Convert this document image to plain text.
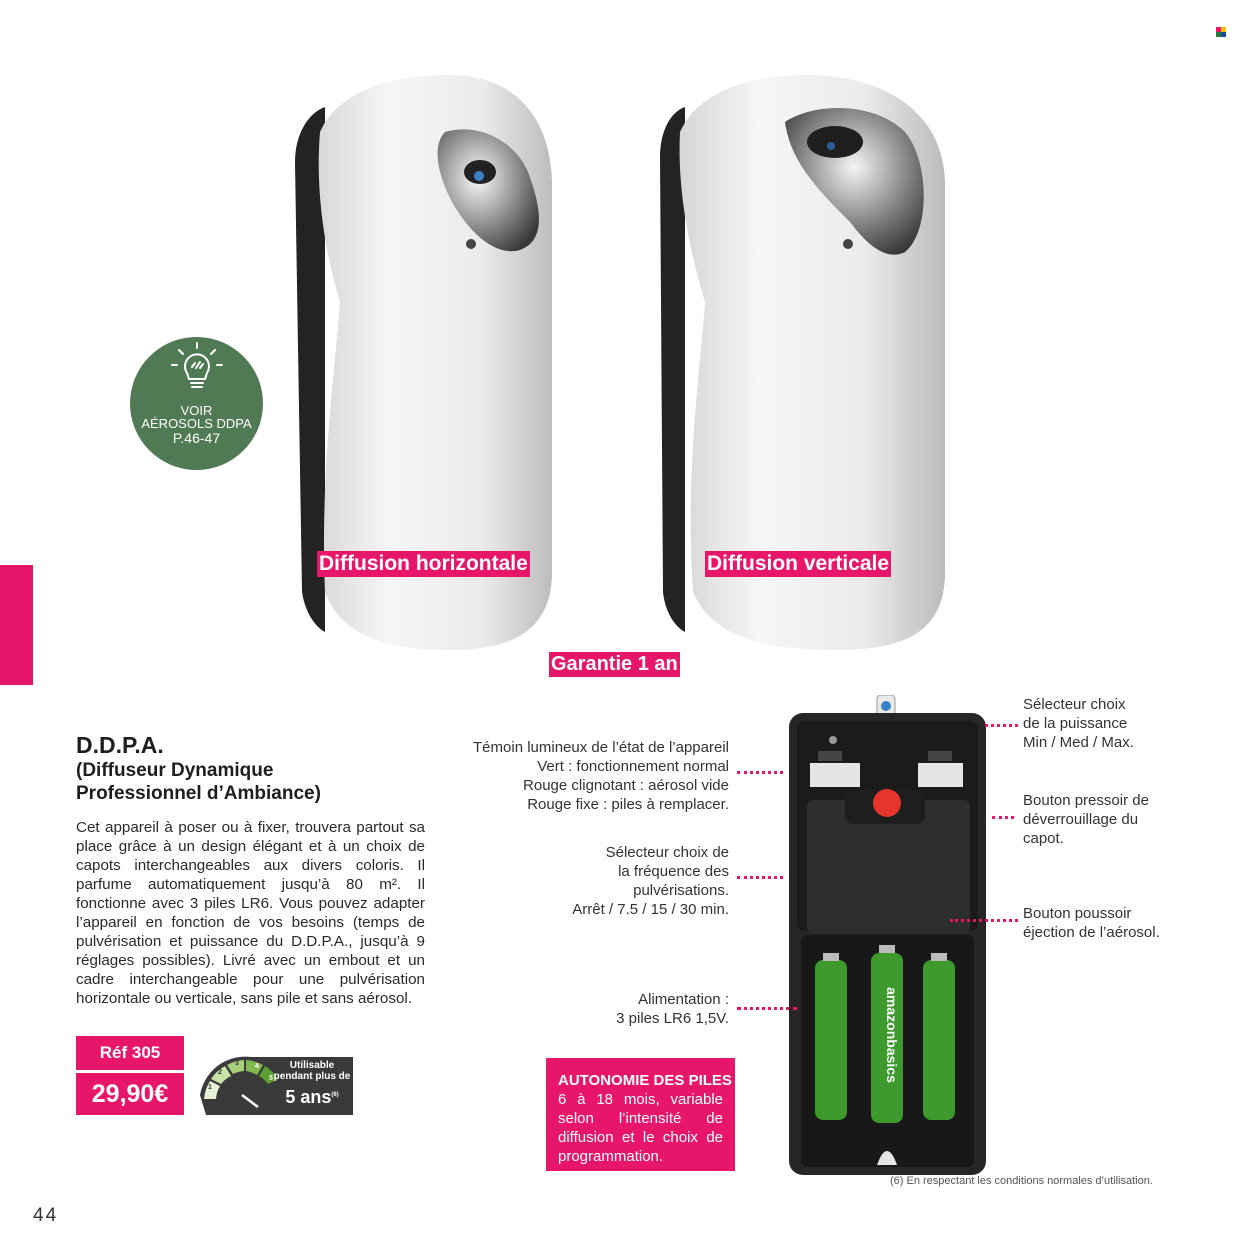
VOIR
AÉROSOLS DDPA
P.46-47
Diffusion horizontale	Diffusion verticale
Garantie 1 an
D.D.P.A.
(Diffuseur Dynamique
Professionnel d’Ambiance)
Cet appareil à poser ou à fixer, trouvera partout sa place grâce à un design élégant et à un choix de capots interchangeables aux divers coloris. Il parfume automatiquement jusqu’à 80 m². Il fonctionne avec 3 piles LR6. Vous pouvez adapter l’appareil en fonction de vos besoins (temps de pulvérisation et puissance du D.D.P.A., jusqu’à 9 réglages possibles). Livré avec un embout et un cadre interchangeable pour une pulvérisation horizontale ou verticale, sans pile et sans aérosol.
Réf 305
29,90€	1
2
3 4
5
Utilisable
pendant plus de
5 ans$^{(6)}$
amazonbasics
Témoin lumineux de l’état de l’appareil
Vert : fonctionnement normal
Rouge clignotant : aérosol vide
Rouge fixe : piles à remplacer.
Sélecteur choix de
la fréquence des
pulvérisations.
Arrêt / 7.5 / 15 / 30 min.
Alimentation :
3 piles LR6 1,5V.
Sélecteur choix
de la puissance
Min / Med / Max.
Bouton pressoir de
déverrouillage du
capot.
Bouton poussoir
éjection de l’aérosol.
AUTONOMIE DES PILES
6 à 18 mois, variable selon l’intensité de diffusion et le choix de programmation.
(6) En respectant les conditions normales d’utilisation.
44
